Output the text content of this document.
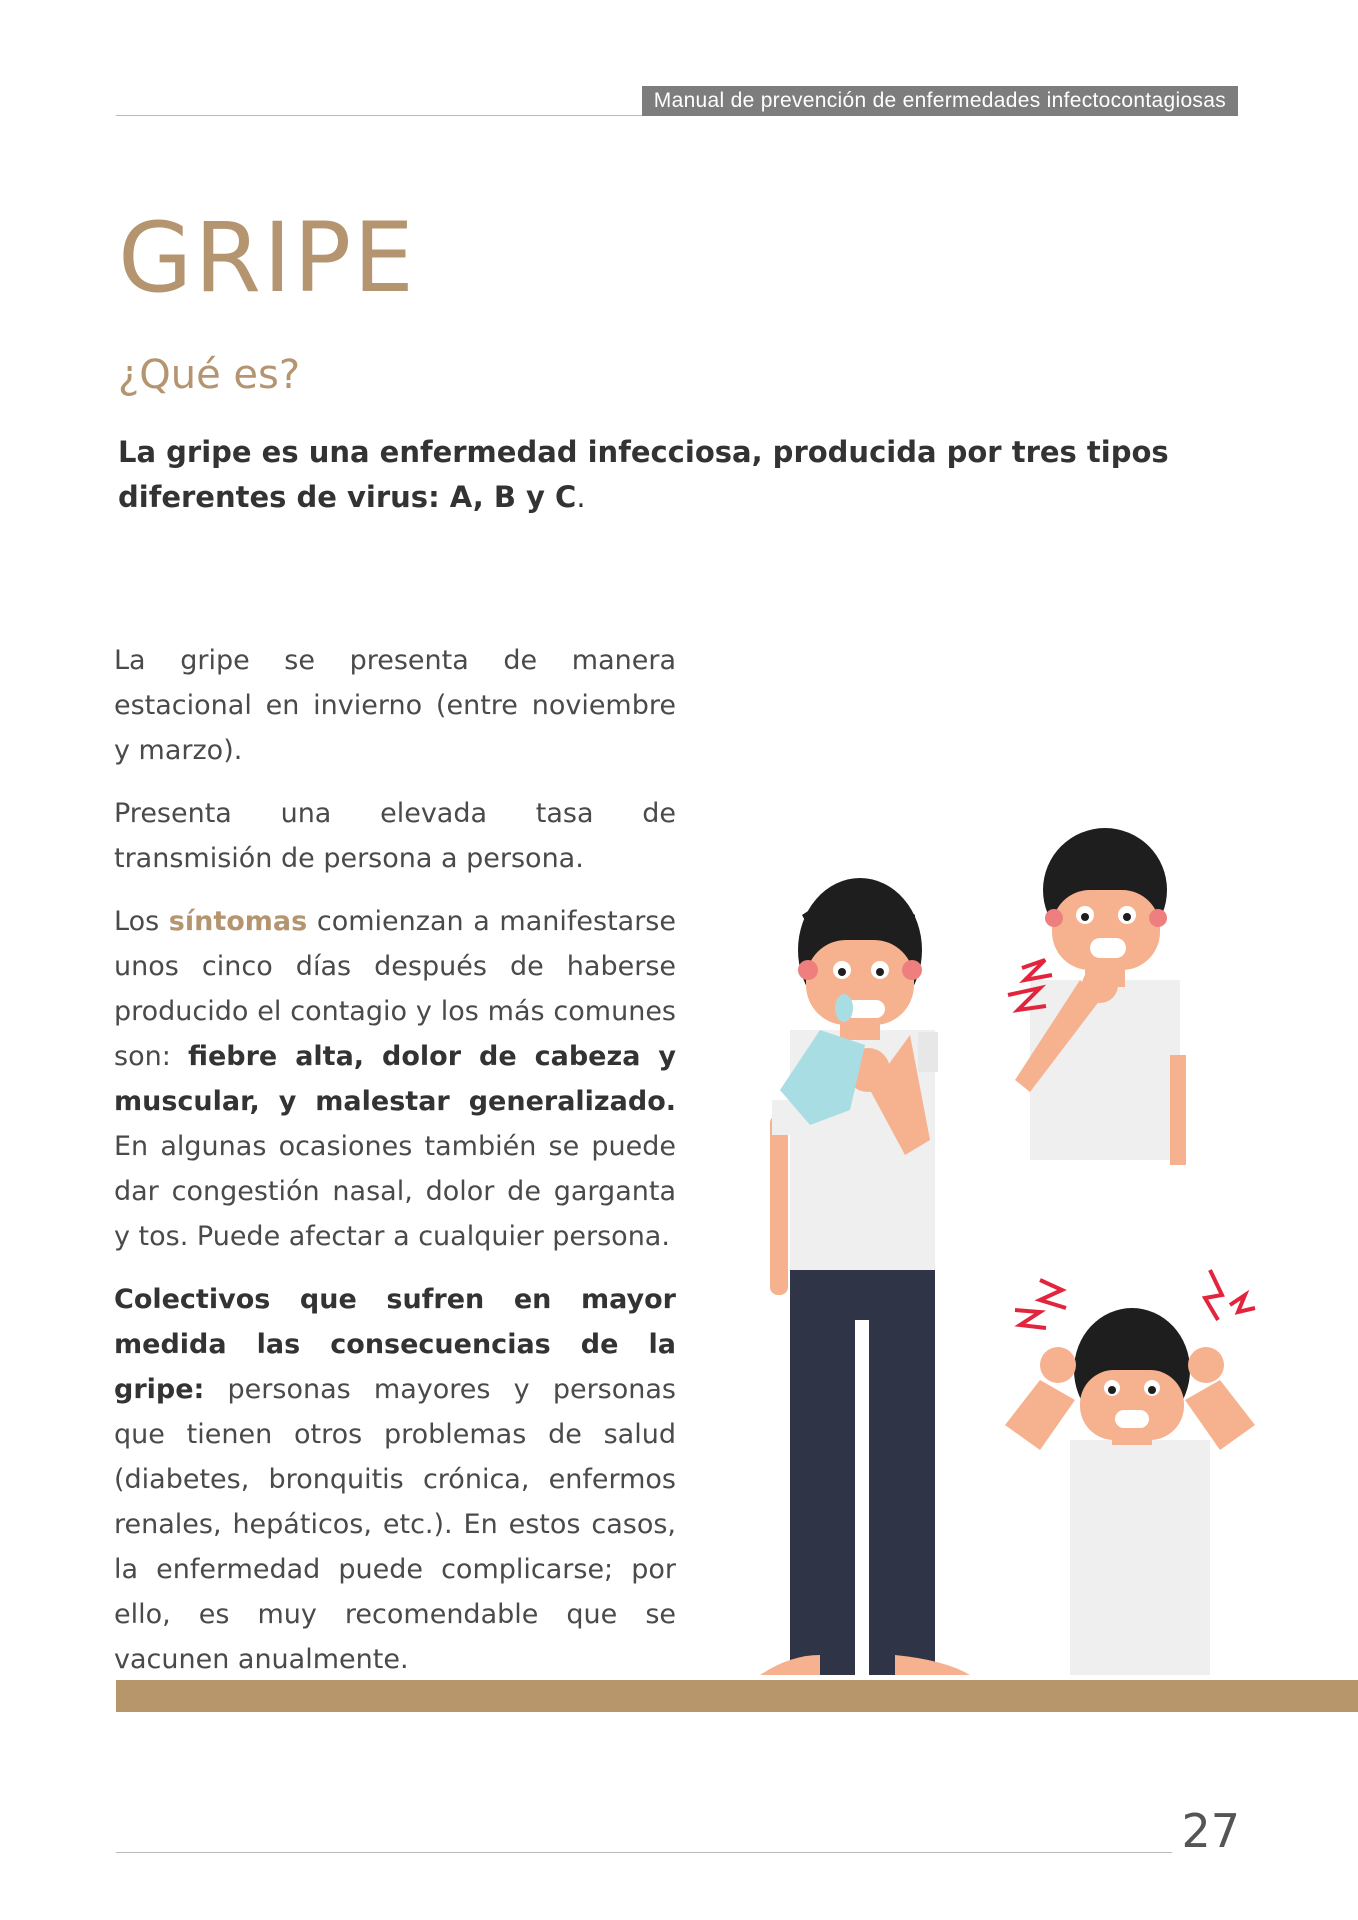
Manual de prevención de enfermedades infectocontagiosas
GRIPE
¿Qué es?

La gripe es una enfermedad infecciosa, producida por tres tipos diferentes de virus: A, B y C.

La gripe se presenta de manera estacional en invierno (entre noviembre y marzo).

Presenta una elevada tasa de transmisión de persona a persona.

Los síntomas comienzan a manifestarse unos cinco días después de haberse producido el contagio y los más comunes son: fiebre alta, dolor de cabeza y muscular, y malestar generalizado. En algunas ocasiones también se puede dar congestión nasal, dolor de garganta y tos. Puede afectar a cualquier persona.

Colectivos que sufren en mayor medida las consecuencias de la gripe: personas mayores y personas que tienen otros problemas de salud (diabetes, bronquitis crónica, enfermos renales, hepáticos, etc.). En estos casos, la enfermedad puede complicarse; por ello, es muy recomendable que se vacunen anualmente.

27
